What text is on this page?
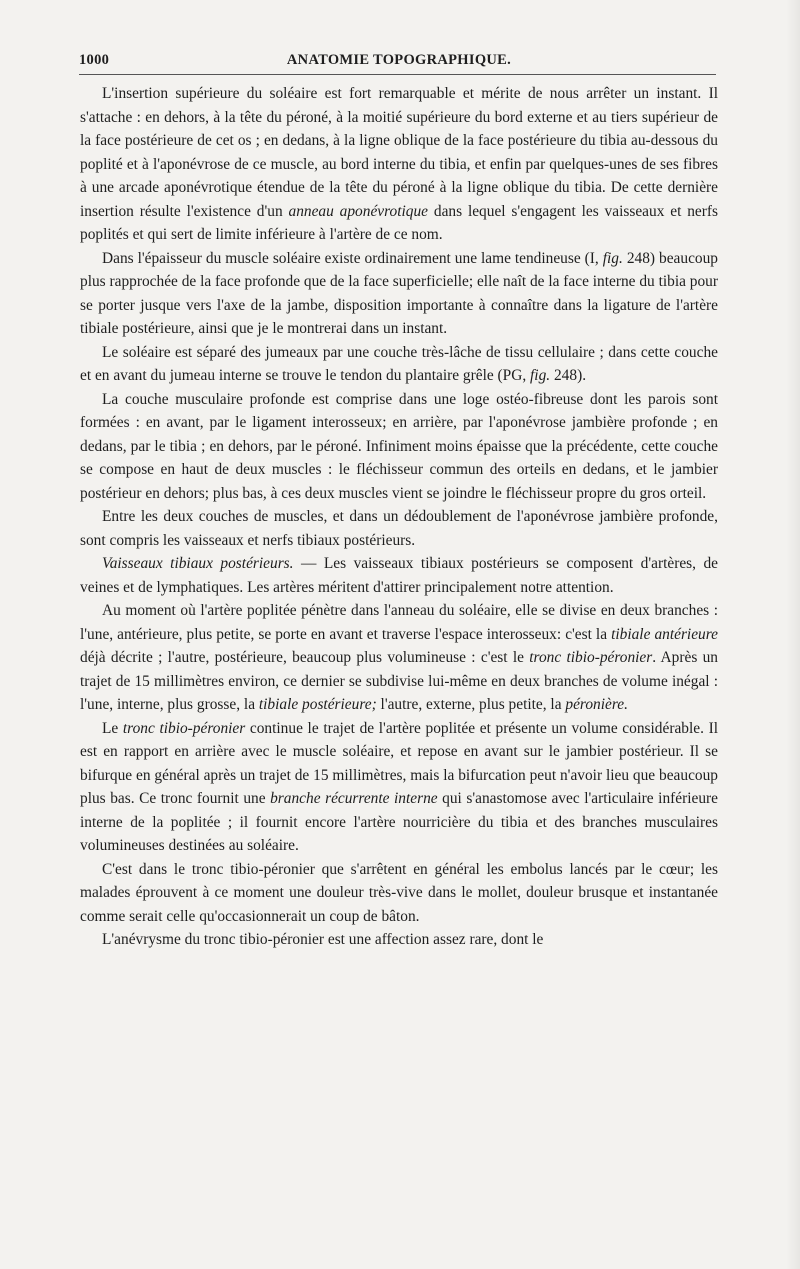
1000	ANATOMIE TOPOGRAPHIQUE.

L'insertion supérieure du soléaire est fort remarquable et mérite de nous arrêter un instant. Il s'attache : en dehors, à la tête du péroné, à la moitié supérieure du bord externe et au tiers supérieur de la face postérieure de cet os ; en dedans, à la ligne oblique de la face postérieure du tibia au-dessous du poplité et à l'aponévrose de ce muscle, au bord interne du tibia, et enfin par quelques-unes de ses fibres à une arcade aponévrotique étendue de la tête du péroné à la ligne oblique du tibia. De cette dernière insertion résulte l'existence d'un anneau aponévrotique dans lequel s'engagent les vaisseaux et nerfs poplités et qui sert de limite inférieure à l'artère de ce nom.

Dans l'épaisseur du muscle soléaire existe ordinairement une lame tendineuse (I, fig. 248) beaucoup plus rapprochée de la face profonde que de la face superficielle; elle naît de la face interne du tibia pour se porter jusque vers l'axe de la jambe, disposition importante à connaître dans la ligature de l'artère tibiale postérieure, ainsi que je le montrerai dans un instant.

Le soléaire est séparé des jumeaux par une couche très-lâche de tissu cellulaire ; dans cette couche et en avant du jumeau interne se trouve le tendon du plantaire grêle (PG, fig. 248).

La couche musculaire profonde est comprise dans une loge ostéo-fibreuse dont les parois sont formées : en avant, par le ligament interosseux; en arrière, par l'aponévrose jambière profonde ; en dedans, par le tibia ; en dehors, par le péroné. Infiniment moins épaisse que la précédente, cette couche se compose en haut de deux muscles : le fléchisseur commun des orteils en dedans, et le jambier postérieur en dehors; plus bas, à ces deux muscles vient se joindre le fléchisseur propre du gros orteil.

Entre les deux couches de muscles, et dans un dédoublement de l'aponévrose jambière profonde, sont compris les vaisseaux et nerfs tibiaux postérieurs.

Vaisseaux tibiaux postérieurs. — Les vaisseaux tibiaux postérieurs se composent d'artères, de veines et de lymphatiques. Les artères méritent d'attirer principalement notre attention.

Au moment où l'artère poplitée pénètre dans l'anneau du soléaire, elle se divise en deux branches : l'une, antérieure, plus petite, se porte en avant et traverse l'espace interosseux: c'est la tibiale antérieure déjà décrite ; l'autre, postérieure, beaucoup plus volumineuse : c'est le tronc tibio-péronier. Après un trajet de 15 millimètres environ, ce dernier se subdivise lui-même en deux branches de volume inégal : l'une, interne, plus grosse, la tibiale postérieure; l'autre, externe, plus petite, la péronière.

Le tronc tibio-péronier continue le trajet de l'artère poplitée et présente un volume considérable. Il est en rapport en arrière avec le muscle soléaire, et repose en avant sur le jambier postérieur. Il se bifurque en général après un trajet de 15 millimètres, mais la bifurcation peut n'avoir lieu que beaucoup plus bas. Ce tronc fournit une branche récurrente interne qui s'anastomose avec l'articulaire inférieure interne de la poplitée ; il fournit encore l'artère nourricière du tibia et des branches musculaires volumineuses destinées au soléaire.

C'est dans le tronc tibio-péronier que s'arrêtent en général les embolus lancés par le cœur; les malades éprouvent à ce moment une douleur très-vive dans le mollet, douleur brusque et instantanée comme serait celle qu'occasionnerait un coup de bâton.

L'anévrysme du tronc tibio-péronier est une affection assez rare, dont le
